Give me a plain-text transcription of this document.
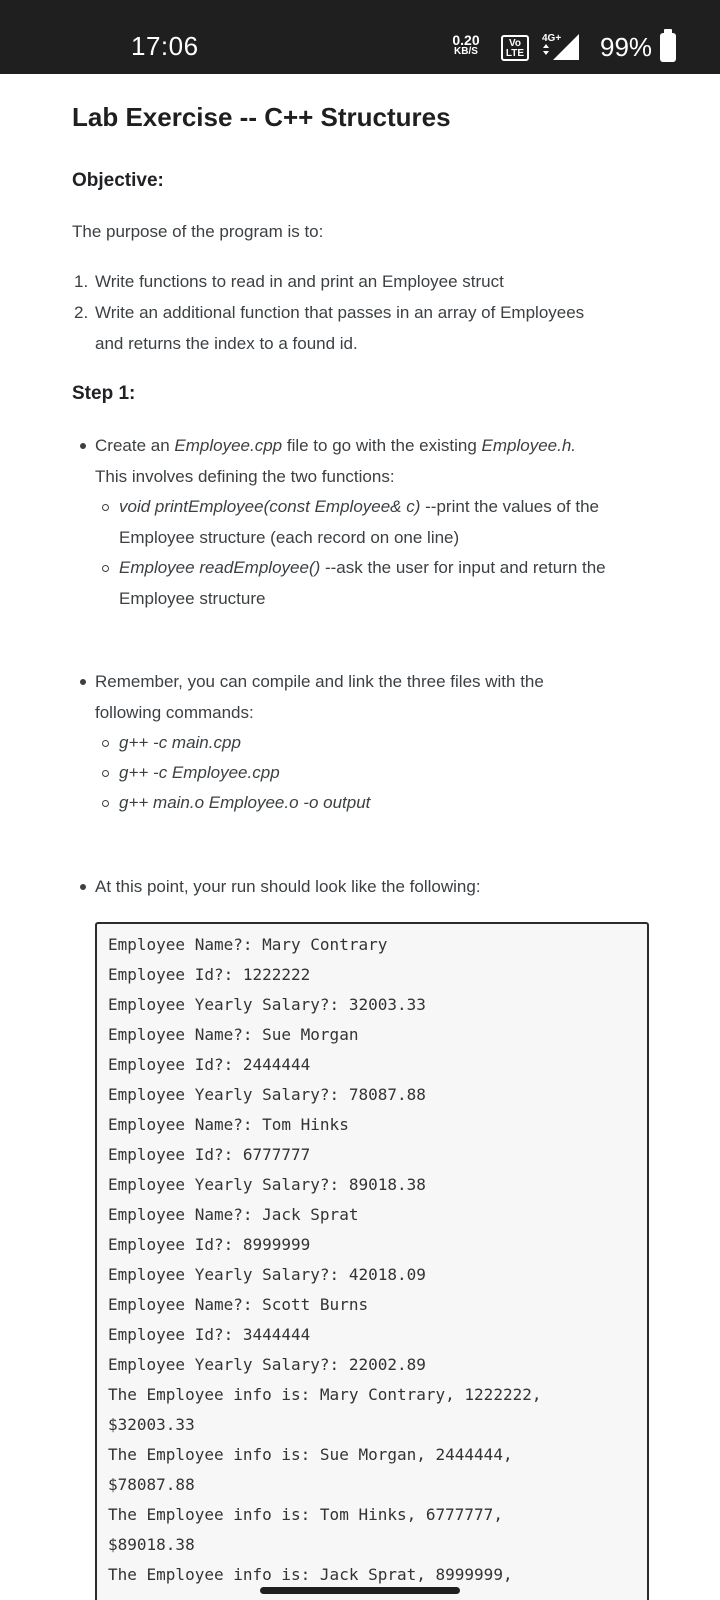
17:06	0.20
KB/S
Vo
LTE
4G+ 99%
Lab Exercise -- C++ Structures
Objective:
The purpose of the program is to:
1. Write functions to read in and print an Employee struct
2. Write an additional function that passes in an array of Employees
and returns the index to a found id.
Step 1:
Create an Employee.cpp file to go with the existing Employee.h.
This involves defining the two functions:
void printEmployee(const Employee& c) --print the values of the
Employee structure (each record on one line)
Employee readEmployee() --ask the user for input and return the
Employee structure
Remember, you can compile and link the three files with the
following commands:
g++ -c main.cpp
g++ -c Employee.cpp
g++ main.o Employee.o -o output
At this point, your run should look like the following:
Employee Name?: Mary Contrary
Employee Id?: 1222222
Employee Yearly Salary?: 32003.33
Employee Name?: Sue Morgan
Employee Id?: 2444444
Employee Yearly Salary?: 78087.88
Employee Name?: Tom Hinks
Employee Id?: 6777777
Employee Yearly Salary?: 89018.38
Employee Name?: Jack Sprat
Employee Id?: 8999999
Employee Yearly Salary?: 42018.09
Employee Name?: Scott Burns
Employee Id?: 3444444
Employee Yearly Salary?: 22002.89
The Employee info is: Mary Contrary, 1222222,
$32003.33
The Employee info is: Sue Morgan, 2444444,
$78087.88
The Employee info is: Tom Hinks, 6777777,
$89018.38
The Employee info is: Jack Sprat, 8999999,
